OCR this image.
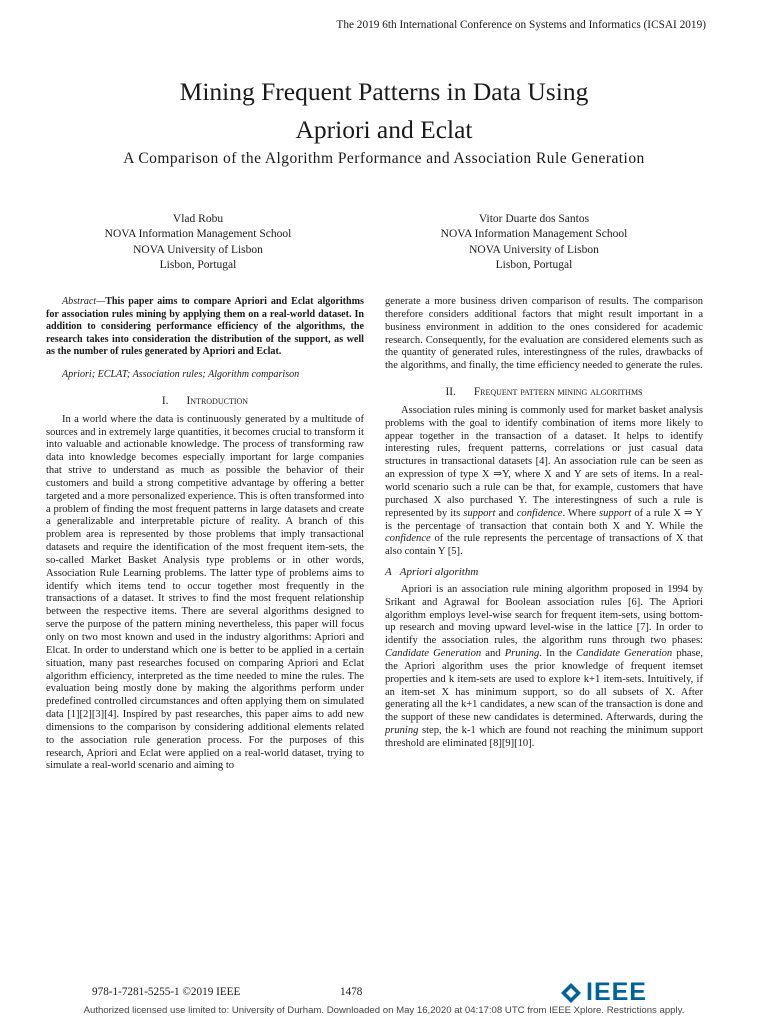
The 2019 6th International Conference on Systems and Informatics (ICSAI 2019)
Mining Frequent Patterns in Data Using
Apriori and Eclat
A Comparison of the Algorithm Performance and Association Rule Generation
Vlad Robu
NOVA Information Management School
NOVA University of Lisbon
Lisbon, Portugal
Vitor Duarte dos Santos
NOVA Information Management School
NOVA University of Lisbon
Lisbon, Portugal

Abstract—This paper aims to compare Apriori and Eclat algorithms for association rules mining by applying them on a real-world dataset. In addition to considering performance efficiency of the algorithms, the research takes into consideration the distribution of the support, as well as the number of rules generated by Apriori and Eclat.

Apriori; ECLAT; Association rules; Algorithm comparison

I. Introduction

In a world where the data is continuously generated by a multitude of sources and in extremely large quantities, it becomes crucial to transform it into valuable and actionable knowledge. The process of transforming raw data into knowledge becomes especially important for large companies that strive to understand as much as possible the behavior of their customers and build a strong competitive advantage by offering a better targeted and a more personalized experience. This is often transformed into a problem of finding the most frequent patterns in large datasets and create a generalizable and interpretable picture of reality. A branch of this problem area is represented by those problems that imply transactional datasets and require the identification of the most frequent item-sets, the so-called Market Basket Analysis type problems or in other words, Association Rule Learning problems. The latter type of problems aims to identify which items tend to occur together most frequently in the transactions of a dataset. It strives to find the most frequent relationship between the respective items. There are several algorithms designed to serve the purpose of the pattern mining nevertheless, this paper will focus only on two most known and used in the industry algorithms: Apriori and Elcat. In order to understand which one is better to be applied in a certain situation, many past researches focused on comparing Apriori and Eclat algorithm efficiency, interpreted as the time needed to mine the rules. The evaluation being mostly done by making the algorithms perform under predefined controlled circumstances and often applying them on simulated data [1][2][3][4]. Inspired by past researches, this paper aims to add new dimensions to the comparison by considering additional elements related to the association rule generation process. For the purposes of this research, Apriori and Eclat were applied on a real-world dataset, trying to simulate a real-world scenario and aiming to

generate a more business driven comparison of results. The comparison therefore considers additional factors that might result important in a business environment in addition to the ones considered for academic research. Consequently, for the evaluation are considered elements such as the quantity of generated rules, interestingness of the rules, drawbacks of the algorithms, and finally, the time efficiency needed to generate the rules.

II. Frequent pattern mining algorithms

Association rules mining is commonly used for market basket analysis problems with the goal to identify combination of items more likely to appear together in the transaction of a dataset. It helps to identify interesting rules, frequent patterns, correlations or just casual data structures in transactional datasets [4]. An association rule can be seen as an expression of type X ⇒Y, where X and Y are sets of items. In a real-world scenario such a rule can be that, for example, customers that have purchased X also purchased Y. The interestingness of such a rule is represented by its support and confidence. Where support of a rule X ⇒ Y is the percentage of transaction that contain both X and Y. While the confidence of the rule represents the percentage of transactions of X that also contain Y [5].

A Apriori algorithm

Apriori is an association rule mining algorithm proposed in 1994 by Srikant and Agrawal for Boolean association rules [6]. The Apriori algorithm employs level-wise search for frequent item-sets, using bottom-up research and moving upward level-wise in the lattice [7]. In order to identify the association rules, the algorithm runs through two phases: Candidate Generation and Pruning. In the Candidate Generation phase, the Apriori algorithm uses the prior knowledge of frequent itemset properties and k item-sets are used to explore k+1 item-sets. Intuitively, if an item-set X has minimum support, so do all subsets of X. After generating all the k+1 candidates, a new scan of the transaction is done and the support of these new candidates is determined. Afterwards, during the pruning step, the k-1 which are found not reaching the minimum support threshold are eliminated [8][9][10].

978-1-7281-5255-1 ©2019 IEEE	1478	IEEE
Authorized licensed use limited to: University of Durham. Downloaded on May 16,2020 at 04:17:08 UTC from IEEE Xplore. Restrictions apply.
